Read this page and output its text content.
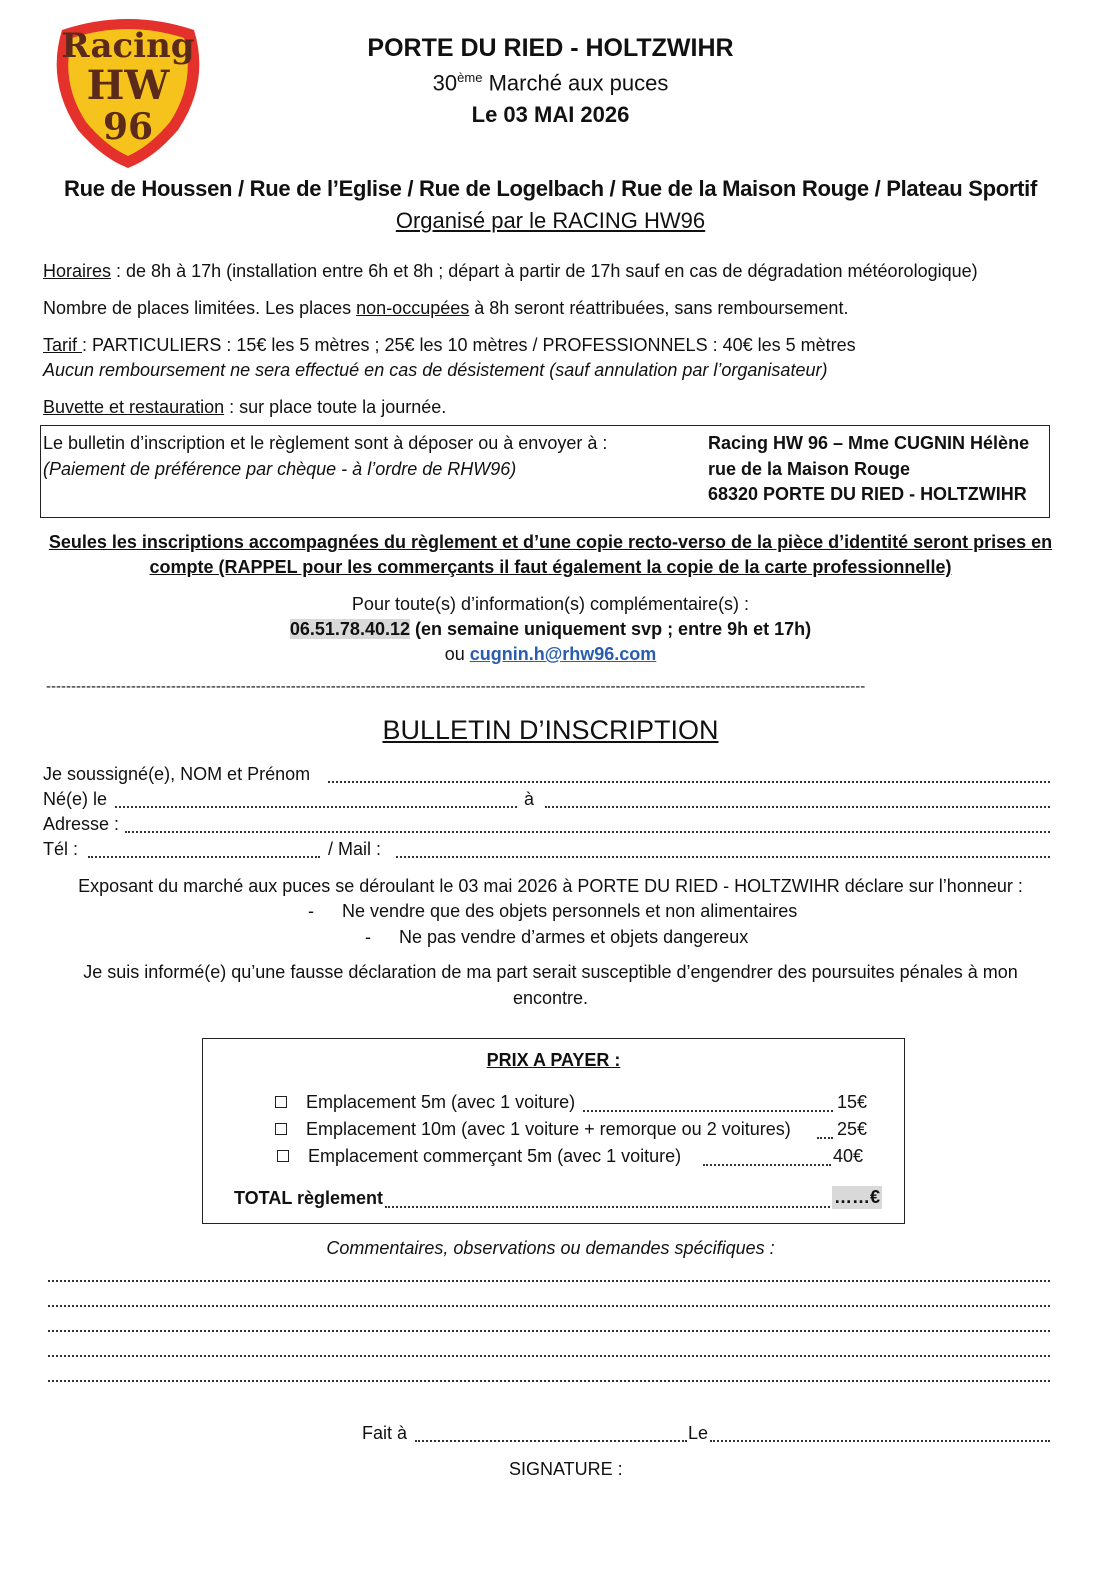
Racing
HW
96
PORTE DU RIED - HOLTZWIHR
30ème Marché aux puces
Le 03 MAI 2026
Rue de Houssen / Rue de l’Eglise / Rue de Logelbach / Rue de la Maison Rouge / Plateau Sportif
Organisé par le RACING HW96
Horaires : de 8h à 17h (installation entre 6h et 8h ; départ à partir de 17h sauf en cas de dégradation météorologique)
Nombre de places limitées. Les places non-occupées à 8h seront réattribuées, sans remboursement.
Tarif : PARTICULIERS : 15€ les 5 mètres ; 25€ les 10 mètres / PROFESSIONNELS : 40€ les 5 mètres
Aucun remboursement ne sera effectué en cas de désistement (sauf annulation par l’organisateur)
Buvette et restauration : sur place toute la journée.
Le bulletin d’inscription et le règlement sont à déposer ou à envoyer à :
(Paiement de préférence par chèque - à l’ordre de RHW96)
Racing HW 96 – Mme CUGNIN Hélène
rue de la Maison Rouge
68320 PORTE DU RIED - HOLTZWIHR
Seules les inscriptions accompagnées du règlement et d’une copie recto-verso de la pièce d’identité seront prises en
compte (RAPPEL pour les commerçants il faut également la copie de la carte professionnelle)
Pour toute(s) d’information(s) complémentaire(s) :
06.51.78.40.12 (en semaine uniquement svp ; entre 9h et 17h)
ou cugnin.h@rhw96.com
--------------------------------------------------------------------------------------------------------------------------------------------------------------------
BULLETIN D’INSCRIPTION
Je soussigné(e), NOM et Prénom
Né(e) le	à
Adresse :
Tél :	/ Mail :
Exposant du marché aux puces se déroulant le 03 mai 2026 à PORTE DU RIED - HOLTZWIHR déclare sur l’honneur :
- Ne vendre que des objets personnels et non alimentaires
- Ne pas vendre d’armes et objets dangereux
Je suis informé(e) qu’une fausse déclaration de ma part serait susceptible d’engendrer des poursuites pénales à mon
encontre.
PRIX A PAYER :
Emplacement 5m (avec 1 voiture)	15€
Emplacement 10m (avec 1 voiture + remorque ou 2 voitures)	25€
Emplacement commerçant 5m (avec 1 voiture)	40€
TOTAL règlement	……€
Commentaires, observations ou demandes spécifiques :
Fait à	Le
SIGNATURE :
